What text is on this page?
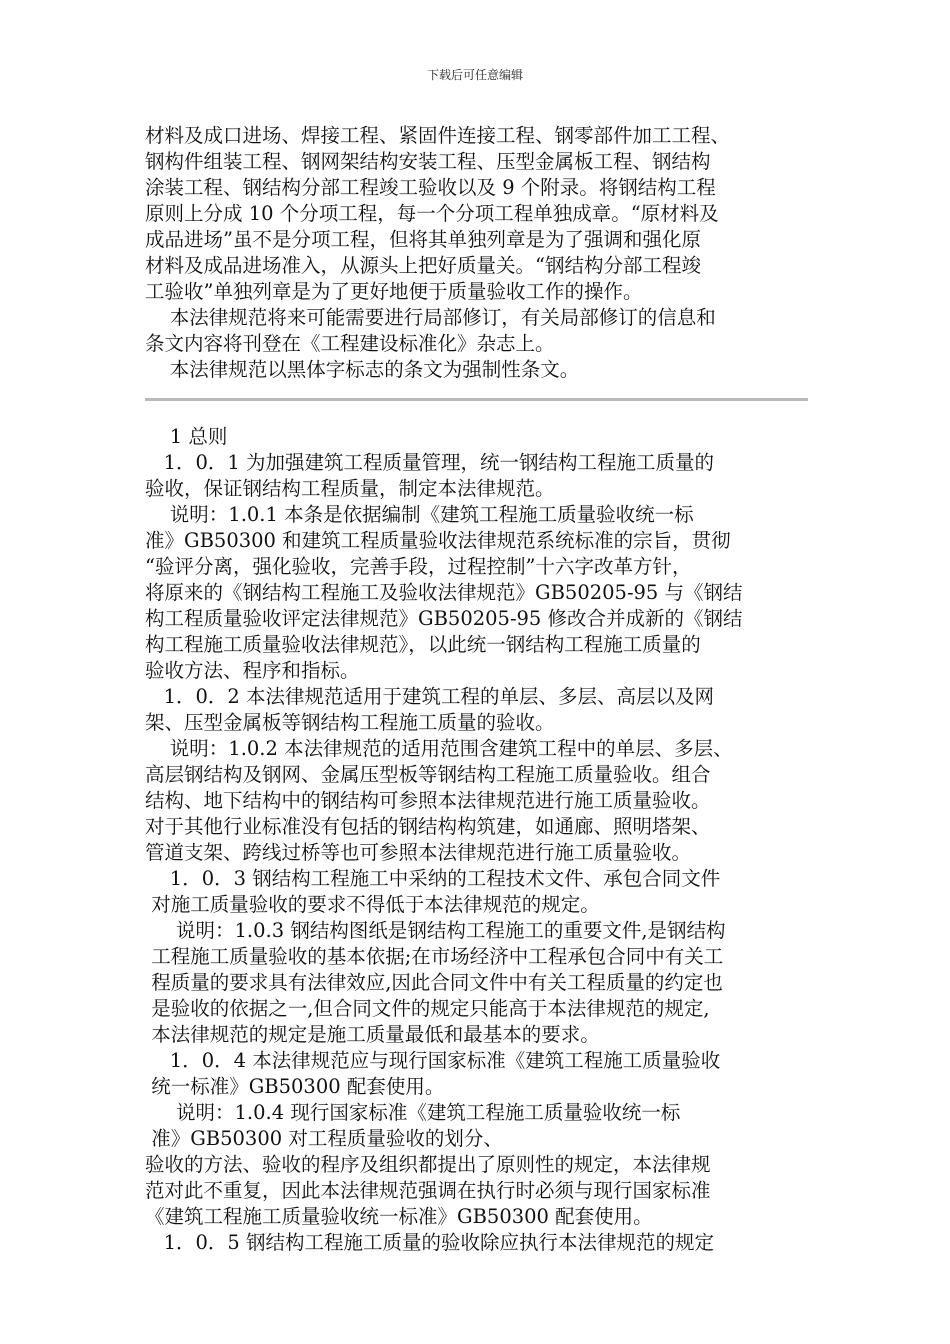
下载后可任意编辑

材料及成口进场、焊接工程、紧固件连接工程、钢零部件加工工程、

钢构件组装工程、钢网架结构安装工程、压型金属板工程、钢结构

涂装工程、钢结构分部工程竣工验收以及 9 个附录。将钢结构工程

原则上分成 10 个分项工程，每一个分项工程单独成章。“原材料及

成品进场”虽不是分项工程，但将其单独列章是为了强调和强化原

材料及成品进场准入，从源头上把好质量关。“钢结构分部工程竣

工验收”单独列章是为了更好地便于质量验收工作的操作。

本法律规范将来可能需要进行局部修订，有关局部修订的信息和

条文内容将刊登在《工程建设标准化》杂志上。

本法律规范以黑体字标志的条文为强制性条文。

1 总则

1．0．1 为加强建筑工程质量管理，统一钢结构工程施工质量的

验收，保证钢结构工程质量，制定本法律规范。

说明：1.0.1 本条是依据编制《建筑工程施工质量验收统一标

准》GB50300 和建筑工程质量验收法律规范系统标准的宗旨，贯彻

“验评分离，强化验收，完善手段，过程控制”十六字改革方针，

将原来的《钢结构工程施工及验收法律规范》GB50205-95 与《钢结

构工程质量验收评定法律规范》GB50205-95 修改合并成新的《钢结

构工程施工质量验收法律规范》，以此统一钢结构工程施工质量的

验收方法、程序和指标。

1．0．2 本法律规范适用于建筑工程的单层、多层、高层以及网

架、压型金属板等钢结构工程施工质量的验收。

说明：1.0.2 本法律规范的适用范围含建筑工程中的单层、多层、

高层钢结构及钢网、金属压型板等钢结构工程施工质量验收。组合

结构、地下结构中的钢结构可参照本法律规范进行施工质量验收。

对于其他行业标准没有包括的钢结构构筑建，如通廊、照明塔架、

管道支架、跨线过桥等也可参照本法律规范进行施工质量验收。

1．0．3 钢结构工程施工中采纳的工程技术文件、承包合同文件

对施工质量验收的要求不得低于本法律规范的规定。

说明：1.0.3 钢结构图纸是钢结构工程施工的重要文件,是钢结构

工程施工质量验收的基本依据;在市场经济中工程承包合同中有关工

程质量的要求具有法律效应,因此合同文件中有关工程质量的约定也

是验收的依据之一,但合同文件的规定只能高于本法律规范的规定,

本法律规范的规定是施工质量最低和最基本的要求。

1．0．4 本法律规范应与现行国家标准《建筑工程施工质量验收

统一标准》GB50300 配套使用。

说明：1.0.4 现行国家标准《建筑工程施工质量验收统一标

准》GB50300 对工程质量验收的划分、

验收的方法、验收的程序及组织都提出了原则性的规定，本法律规

范对此不重复，因此本法律规范强调在执行时必须与现行国家标准

《建筑工程施工质量验收统一标准》GB50300 配套使用。

1．0．5 钢结构工程施工质量的验收除应执行本法律规范的规定
